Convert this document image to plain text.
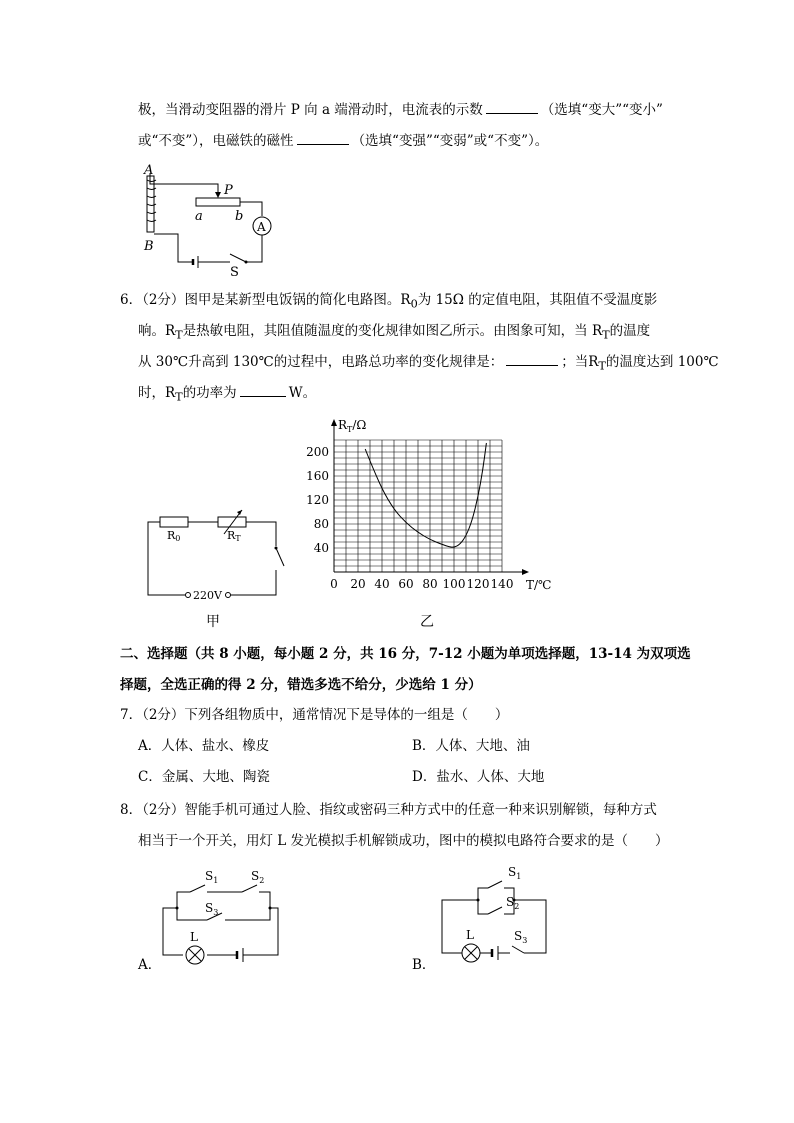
极，当滑动变阻器的滑片 P 向 a 端滑动时，电流表的示数	（选填“变大”“变小”
或“不变”），电磁铁的磁性	（选填“变强”“变弱”或“不变”）。
A
B
P
a b
A
S
6．（2分）图甲是某新型电饭锅的简化电路图。$R_0$为 15Ω 的定值电阻，其阻值不受温度影
响。$R_T$是热敏电阻，其阻值随温度的变化规律如图乙所示。由图象可知，当 $R_T$的温度
从 30℃升高到 130℃的过程中，电路总功率的变化规律是：	；当$R_T$的温度达到 100℃
时，$R_T$的功率为	W。
R0	RT
220V
甲
0 20 40 60 80 100 120 140
40
80
120
160
200
$R_T/\Omega$
T/℃
乙
二、选择题（共 8 小题，每小题 2 分，共 16 分，7-12 小题为单项选择题，13-14 为双项选
择题，全选正确的得 2 分，错选多选不给分，少选给 1 分）
7．（2分）下列各组物质中，通常情况下是导体的一组是（　　）
A．人体、盐水、橡皮	B．人体、大地、油
C．金属、大地、陶瓷	D．盐水、人体、大地
8．（2分）智能手机可通过人脸、指纹或密码三种方式中的任意一种来识别解锁，每种方式
相当于一个开关，用灯 L 发光模拟手机解锁成功，图中的模拟电路符合要求的是（　　）
A．
$S_1$	$S_2$
$S_3$
L
B．
$S_1$
$S_2$
$S_3$
L
